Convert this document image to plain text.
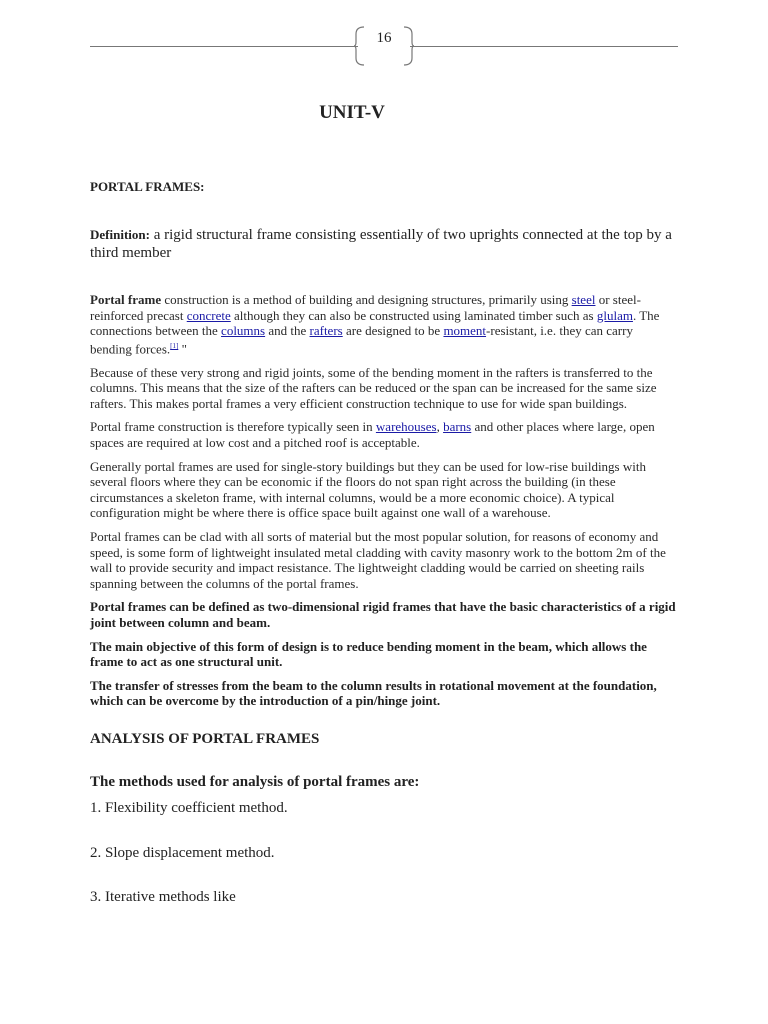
16
UNIT-V
PORTAL FRAMES:
Definition: a rigid structural frame consisting essentially of two uprights connected at the top by a third member

Portal frame construction is a method of building and designing structures, primarily using steel or steel-reinforced precast concrete although they can also be constructed using laminated timber such as glulam. The connections between the columns and the rafters are designed to be moment-resistant, i.e. they can carry bending forces.[1] "

Because of these very strong and rigid joints, some of the bending moment in the rafters is transferred to the columns. This means that the size of the rafters can be reduced or the span can be increased for the same size rafters. This makes portal frames a very efficient construction technique to use for wide span buildings.

Portal frame construction is therefore typically seen in warehouses, barns and other places where large, open spaces are required at low cost and a pitched roof is acceptable.

Generally portal frames are used for single-story buildings but they can be used for low-rise buildings with several floors where they can be economic if the floors do not span right across the building (in these circumstances a skeleton frame, with internal columns, would be a more economic choice). A typical configuration might be where there is office space built against one wall of a warehouse.

Portal frames can be clad with all sorts of material but the most popular solution, for reasons of economy and speed, is some form of lightweight insulated metal cladding with cavity masonry work to the bottom 2m of the wall to provide security and impact resistance. The lightweight cladding would be carried on sheeting rails spanning between the columns of the portal frames.

Portal frames can be defined as two-dimensional rigid frames that have the basic characteristics of a rigid joint between column and beam.

The main objective of this form of design is to reduce bending moment in the beam, which allows the frame to act as one structural unit.

The transfer of stresses from the beam to the column results in rotational movement at the foundation, which can be overcome by the introduction of a pin/hinge joint.

ANALYSIS OF PORTAL FRAMES
The methods used for analysis of portal frames are:
1. Flexibility coefficient method.
2. Slope displacement method.
3. Iterative methods like
